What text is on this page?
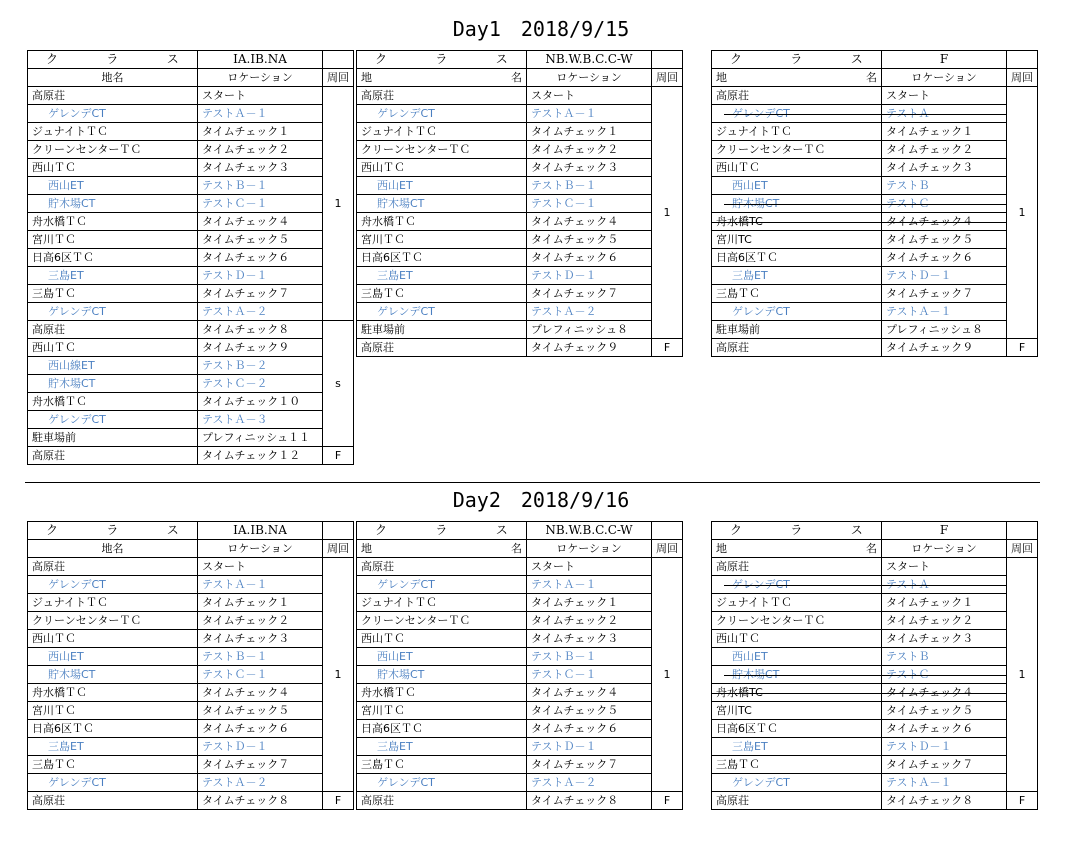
Day1　2018/9/15
Day2　2018/9/16
ク ラ ス	IA.IB.NA	
地名	ロケーション	周回
高原荘	スタート	1
ゲレンデCT	テストＡ－１	
ジュナイトＴＣ	タイムチェック１	
クリーンセンターＴＣ	タイムチェック２	
西山ＴＣ	タイムチェック３	
西山ET	テストＢ－１	
貯木場CT	テストＣ－１	
舟水橋ＴＣ	タイムチェック４	
宮川ＴＣ	タイムチェック５	
日高6区ＴＣ	タイムチェック６	
三島ET	テストＤ－１	
三島ＴＣ	タイムチェック７	
ゲレンデCT	テストＡ－２	
高原荘	タイムチェック８	s
西山ＴＣ	タイムチェック９	
西山線ET	テストＢ－２	
貯木場CT	テストＣ－２	
舟水橋ＴＣ	タイムチェック１０	
ゲレンデCT	テストＡ－３	
駐車場前	プレフィニッシュ１１	
高原荘	タイムチェック１２	F
ク ラ ス	NB.W.B.C.C-W	

地 名	ロケーション	周回
高原荘	スタート	1
ゲレンデCT	テストＡ－１	
ジュナイトＴＣ	タイムチェック１	
クリーンセンターＴＣ	タイムチェック２	
西山ＴＣ	タイムチェック３	
西山ET	テストＢ－１	
貯木場CT	テストＣ－１	
舟水橋ＴＣ	タイムチェック４	
宮川ＴＣ	タイムチェック５	
日高6区ＴＣ	タイムチェック６	
三島ET	テストＤ－１	
三島ＴＣ	タイムチェック７	
ゲレンデCT	テストＡ－２	
駐車場前	プレフィニッシュ８	
高原荘	タイムチェック９	F
ク ラ ス	F	

地 名	ロケーション	周回
高原荘	スタート	1
ゲレンデCT	テストＡ	

ジュナイトＴＣ	タイムチェック１	
クリーンセンターＴＣ	タイムチェック２	
西山ＴＣ	タイムチェック３	
西山ET	テストＢ	
貯木場CT	テストＣ	

舟水橋TC	タイムチェック４	

宮川TC	タイムチェック５	
日高6区ＴＣ	タイムチェック６	
三島ET	テストＤ－１	
三島ＴＣ	タイムチェック７	
ゲレンデCT	テストＡ－１	
駐車場前	プレフィニッシュ８	
高原荘	タイムチェック９	F
ク ラ ス	IA.IB.NA	
地名	ロケーション	周回
高原荘	スタート	1
ゲレンデCT	テストＡ－１	
ジュナイトＴＣ	タイムチェック１	
クリーンセンターＴＣ	タイムチェック２	
西山ＴＣ	タイムチェック３	
西山ET	テストＢ－１	
貯木場CT	テストＣ－１	
舟水橋ＴＣ	タイムチェック４	
宮川ＴＣ	タイムチェック５	
日高6区ＴＣ	タイムチェック６	
三島ET	テストＤ－１	
三島ＴＣ	タイムチェック７	
ゲレンデCT	テストＡ－２	
高原荘	タイムチェック８	F
ク ラ ス	NB.W.B.C.C-W	

地 名	ロケーション	周回
高原荘	スタート	1
ゲレンデCT	テストＡ－１	
ジュナイトＴＣ	タイムチェック１	
クリーンセンターＴＣ	タイムチェック２	
西山ＴＣ	タイムチェック３	
西山ET	テストＢ－１	
貯木場CT	テストＣ－１	
舟水橋ＴＣ	タイムチェック４	
宮川ＴＣ	タイムチェック５	
日高6区ＴＣ	タイムチェック６	
三島ET	テストＤ－１	
三島ＴＣ	タイムチェック７	
ゲレンデCT	テストＡ－２	
高原荘	タイムチェック８	F
ク ラ ス	F	

地 名	ロケーション	周回
高原荘	スタート	1
ゲレンデCT	テストＡ	

ジュナイトＴＣ	タイムチェック１	
クリーンセンターＴＣ	タイムチェック２	
西山ＴＣ	タイムチェック３	
西山ET	テストＢ	
貯木場CT	テストＣ	

舟水橋TC	タイムチェック４	

宮川TC	タイムチェック５	
日高6区ＴＣ	タイムチェック６	
三島ET	テストＤ－１	
三島ＴＣ	タイムチェック７	
ゲレンデCT	テストＡ－１	
高原荘	タイムチェック８	F
